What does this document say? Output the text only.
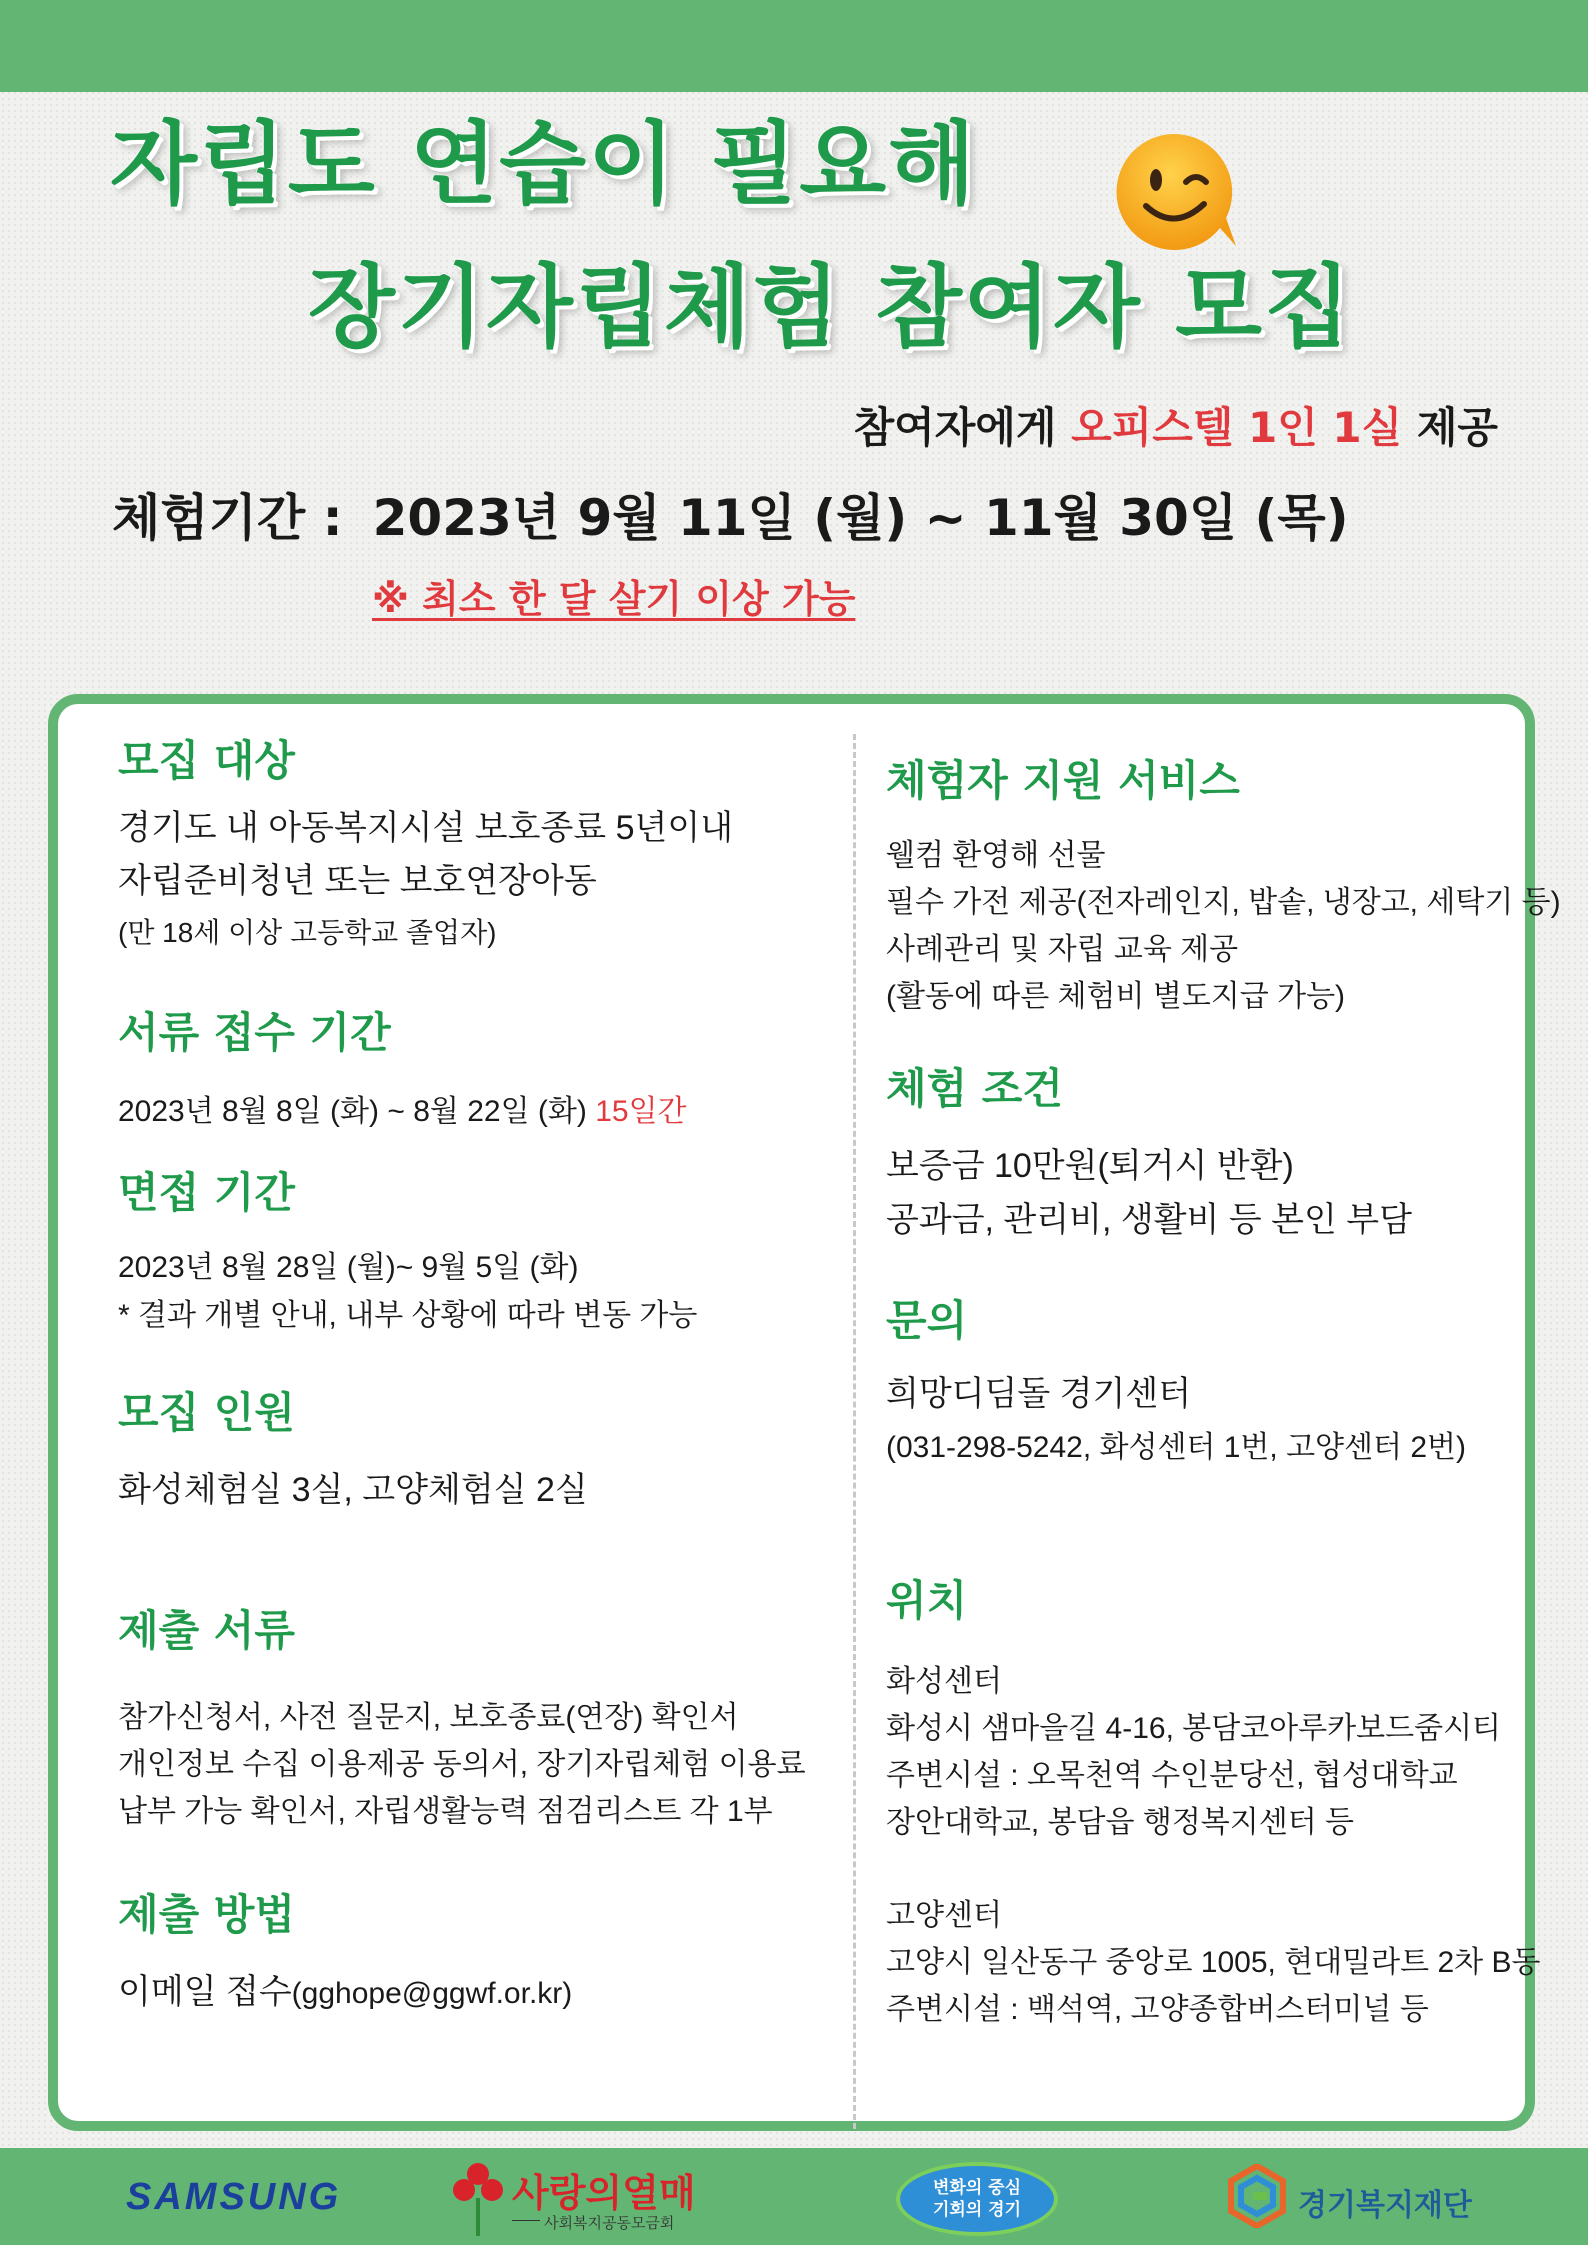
자립도 연습이 필요해
장기자립체험 참여자 모집
참여자에게 오피스텔 1인 1실 제공
체험기간 : 2023년 9월 11일 (월) ~ 11월 30일 (목)
※ 최소 한 달 살기 이상 가능
모집 대상

경기도 내 아동복지시설 보호종료 5년이내

자립준비청년 또는 보호연장아동

(만 18세 이상 고등학교 졸업자)

서류 접수 기간

2023년 8월 8일 (화) ~ 8월 22일 (화) 15일간

면접 기간

2023년 8월 28일 (월)~ 9월 5일 (화)

* 결과 개별 안내, 내부 상황에 따라 변동 가능

모집 인원

화성체험실 3실, 고양체험실 2실

제출 서류

참가신청서, 사전 질문지, 보호종료(연장) 확인서

개인정보 수집 이용제공 동의서, 장기자립체험 이용료

납부 가능 확인서, 자립생활능력 점검리스트 각 1부

제출 방법

이메일 접수(gghope@ggwf.or.kr)

체험자 지원 서비스

웰컴 환영해 선물

필수 가전 제공(전자레인지, 밥솥, 냉장고, 세탁기 등)

사례관리 및 자립 교육 제공

(활동에 따른 체험비 별도지급 가능)

체험 조건

보증금 10만원(퇴거시 반환)

공과금, 관리비, 생활비 등 본인 부담

문의

희망디딤돌 경기센터

(031-298-5242, 화성센터 1번, 고양센터 2번)

위치

화성센터

화성시 샘마을길 4-16, 봉담코아루카보드줌시티

주변시설 : 오목천역 수인분당선, 협성대학교

장안대학교, 봉담읍 행정복지센터 등

고양센터

고양시 일산동구 중앙로 1005, 현대밀라트 2차 B동

주변시설 : 백석역, 고양종합버스터미널 등

SAMSUNG	사랑의열매
사회복지공동모금회
변화의 중심
기회의 경기	경기복지재단
